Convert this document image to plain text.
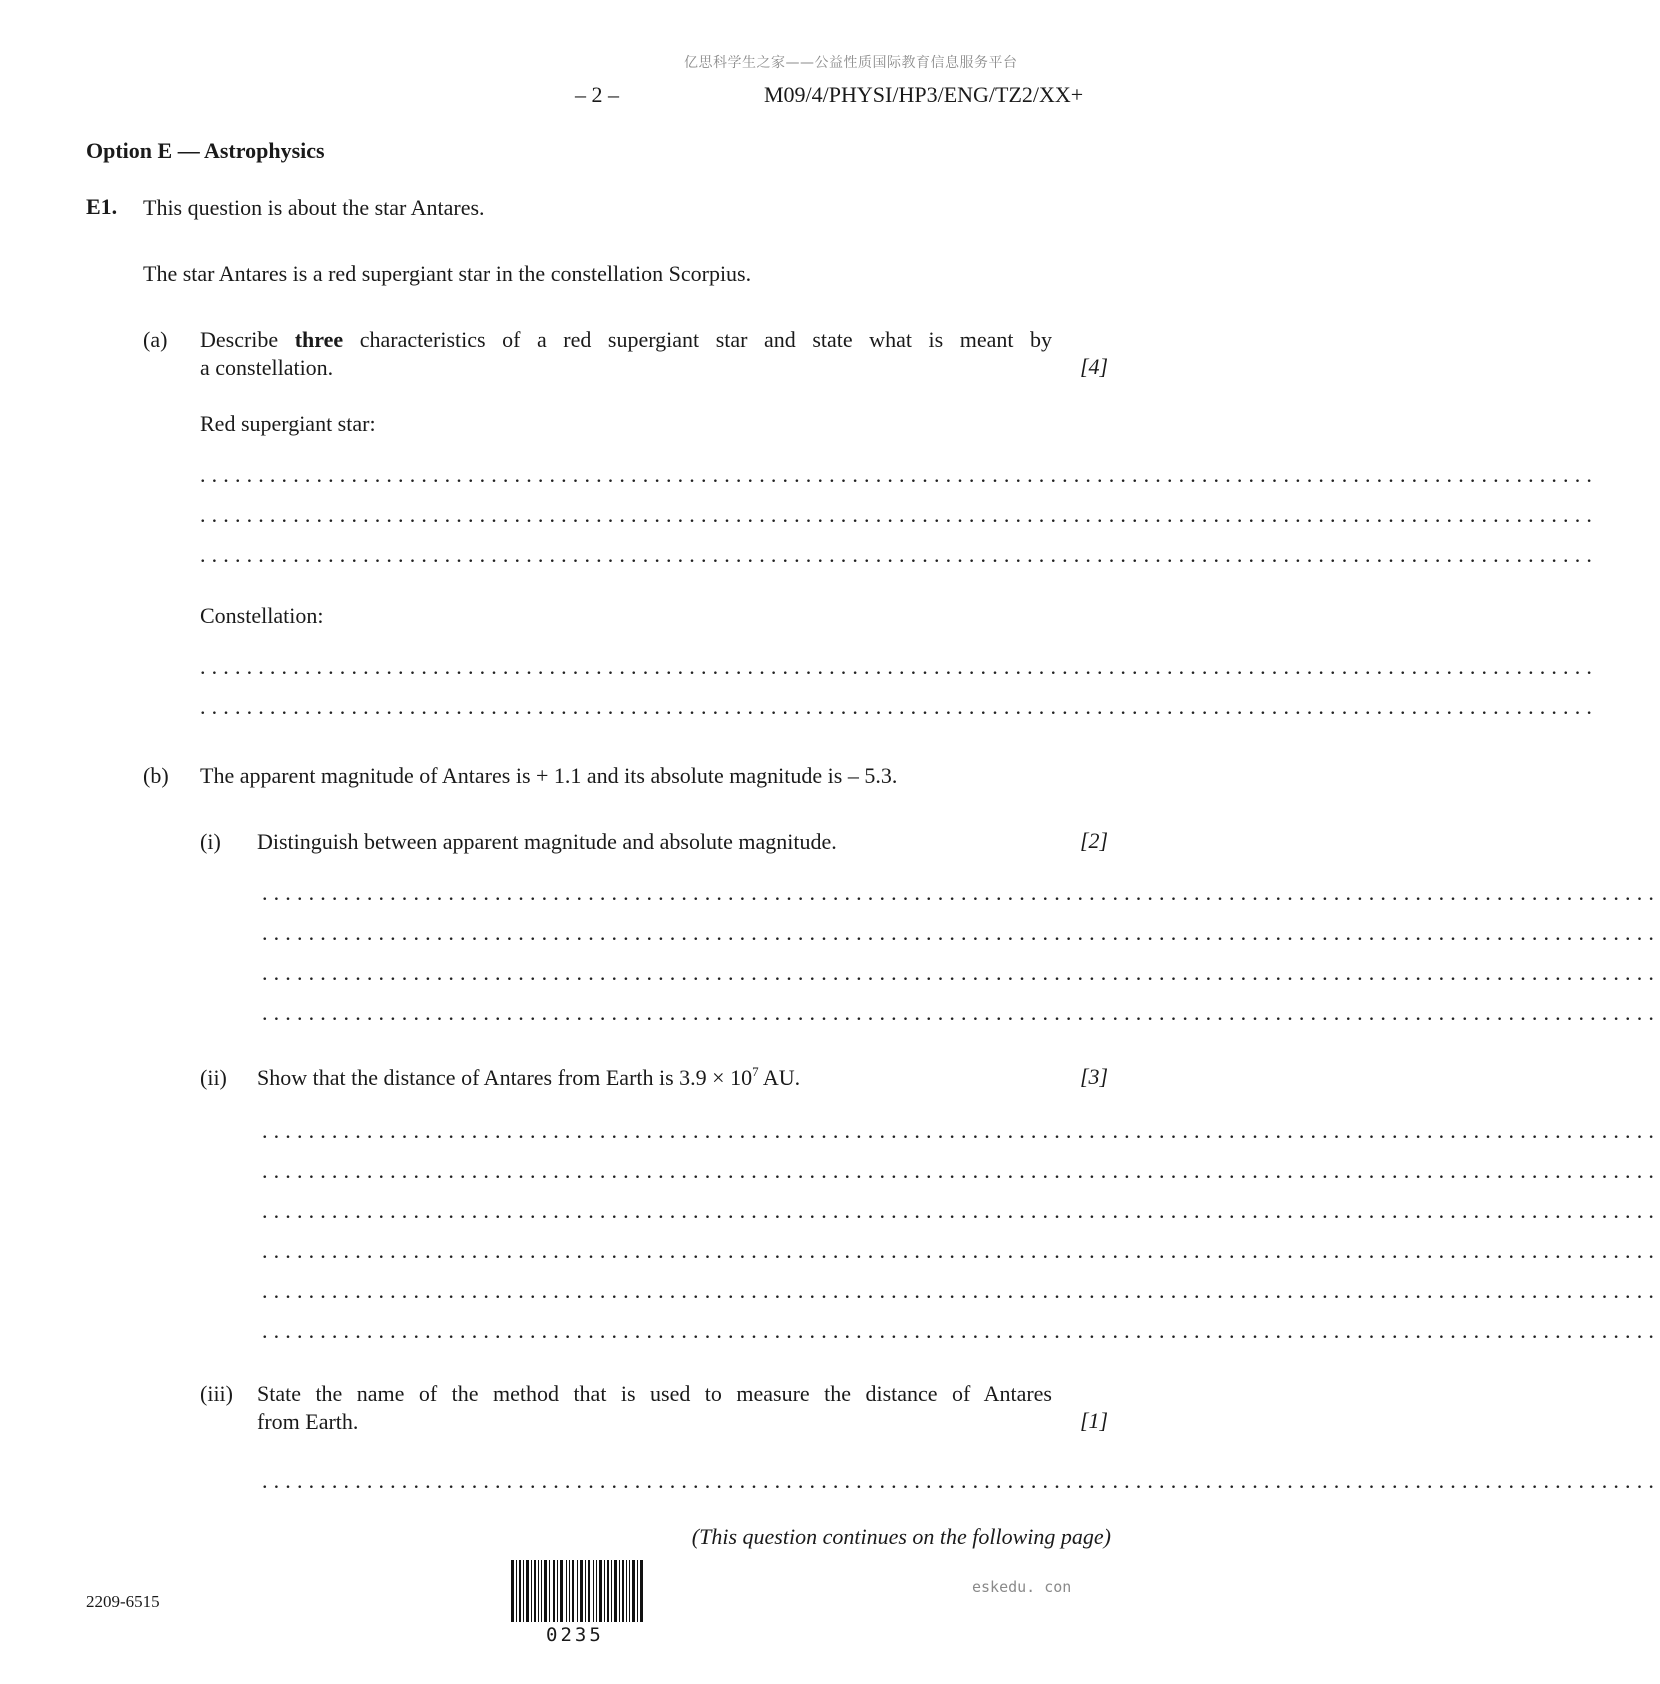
亿思科学生之家——公益性质国际教育信息服务平台
– 2 –	M09/4/PHYSI/HP3/ENG/TZ2/XX+
Option E — Astrophysics
E1. This question is about the star Antares.
The star Antares is a red supergiant star in the constellation Scorpius.
(a) Describe three characteristics of a red supergiant star and state what is meant by
a constellation.	[4]
Red supergiant star:
........................................................................................................................
........................................................................................................................
........................................................................................................................
Constellation:
........................................................................................................................
........................................................................................................................
(b) The apparent magnitude of Antares is + 1.1 and its absolute magnitude is – 5.3.
(i) Distinguish between apparent magnitude and absolute magnitude.	[2]
........................................................................................................................
........................................................................................................................
........................................................................................................................
........................................................................................................................
(ii) Show that the distance of Antares from Earth is $3.9 \times 10^7$ AU.	[3]
........................................................................................................................
........................................................................................................................
........................................................................................................................
........................................................................................................................
........................................................................................................................
........................................................................................................................
(iii) State the name of the method that is used to measure the distance of Antares
from Earth.	[1]
........................................................................................................................
(This question continues on the following page)
2209-6515
eskedu. con
0235
